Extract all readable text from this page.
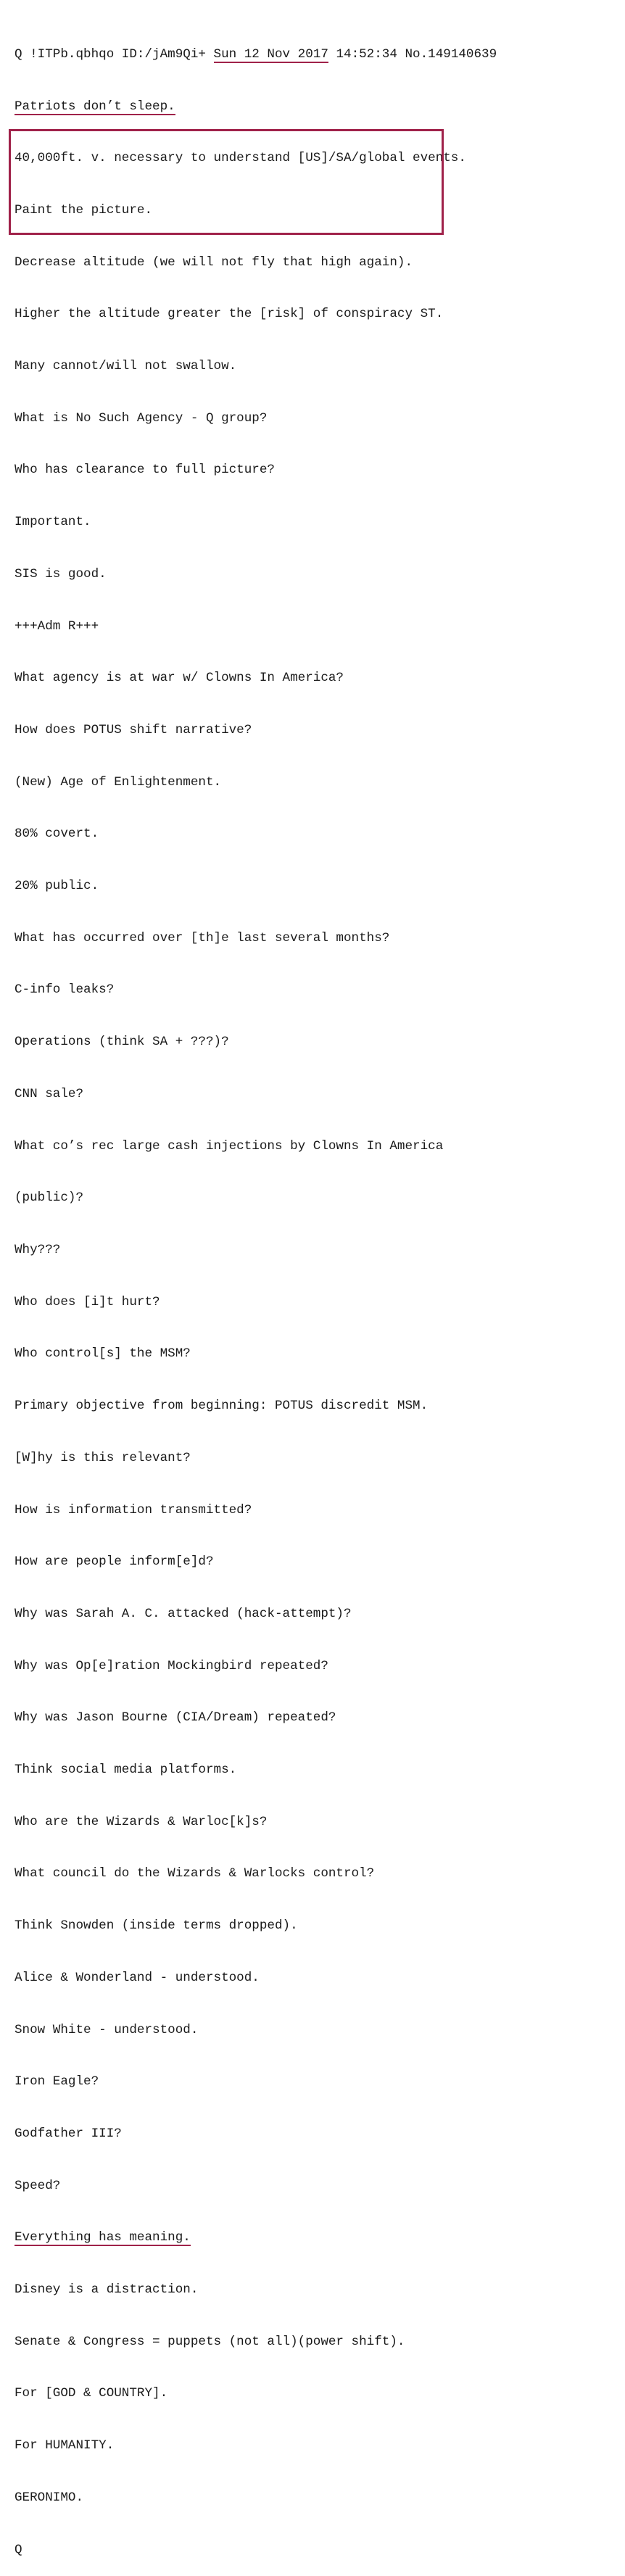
Q !ITPb.qbhqo ID:/jAm9Qi+ Sun 12 Nov 2017 14:52:34 No.149140639

Patriots don’t sleep.

40,000ft. v. necessary to understand [US]/SA/global events.

Paint the picture.

Decrease altitude (we will not fly that high again).

Higher the altitude greater the [risk] of conspiracy ST.

Many cannot/will not swallow.

What is No Such Agency - Q group?

Who has clearance to full picture?

Important.

SIS is good.

+++Adm R+++

What agency is at war w/ Clowns In America?

How does POTUS shift narrative?

(New) Age of Enlightenment.

80% covert.

20% public.

What has occurred over [th]e last several months?

C-info leaks?

Operations (think SA + ???)?

CNN sale?

What co’s rec large cash injections by Clowns In America

(public)?

Why???

Who does [i]t hurt?

Who control[s] the MSM?

Primary objective from beginning: POTUS discredit MSM.

[W]hy is this relevant?

How is information transmitted?

How are people inform[e]d?

Why was Sarah A. C. attacked (hack-attempt)?

Why was Op[e]ration Mockingbird repeated?

Why was Jason Bourne (CIA/Dream) repeated?

Think social media platforms.

Who are the Wizards & Warloc[k]s?

What council do the Wizards & Warlocks control?

Think Snowden (inside terms dropped).

Alice & Wonderland - understood.

Snow White - understood.

Iron Eagle?

Godfather III?

Speed?

Everything has meaning.

Disney is a distraction.

Senate & Congress = puppets (not all)(power shift).

For [GOD & COUNTRY].

For HUMANITY.

GERONIMO.

Q
